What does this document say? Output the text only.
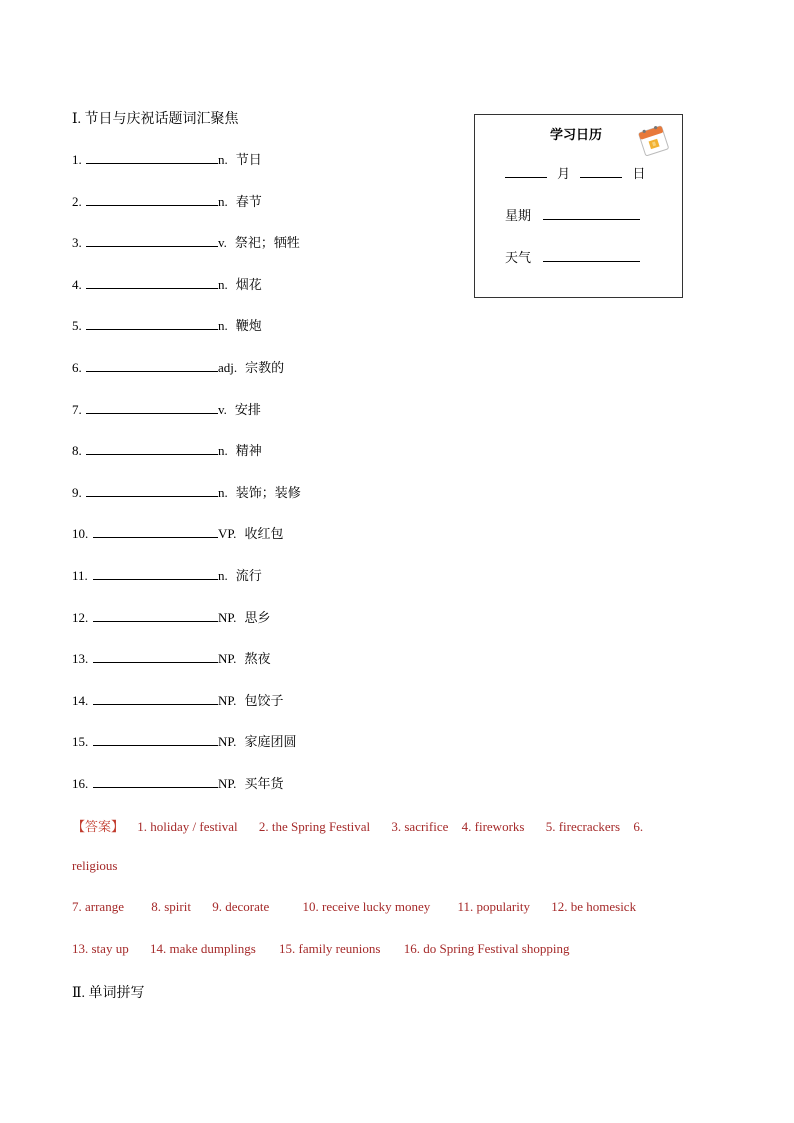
Ⅰ. 节日与庆祝话题词汇聚焦
1.	n. 节日
2.	n. 春节
3.	v. 祭祀；牺牲
4.	n. 烟花
5.	n. 鞭炮
6.	adj. 宗教的
7.	v. 安排
8.	n. 精神
9.	n. 装饰；装修
10.	VP. 收红包
11.	n. 流行
12.	NP. 思乡
13.	NP. 熬夜
14.	NP. 包饺子
15.	NP. 家庭团圆
16.	NP. 买年货
【答案】 1. holiday / festival 2. the Spring Festival 3. sacrifice 4. fireworks 5. firecrackers 6.
religious
7. arrange 8. spirit 9. decorate	10. receive lucky money 11. popularity 12. be homesick
13. stay up 14. make dumplings 15. family reunions 16. do Spring Festival shopping
Ⅱ. 单词拼写
学习日历
月	日
星期
天气
